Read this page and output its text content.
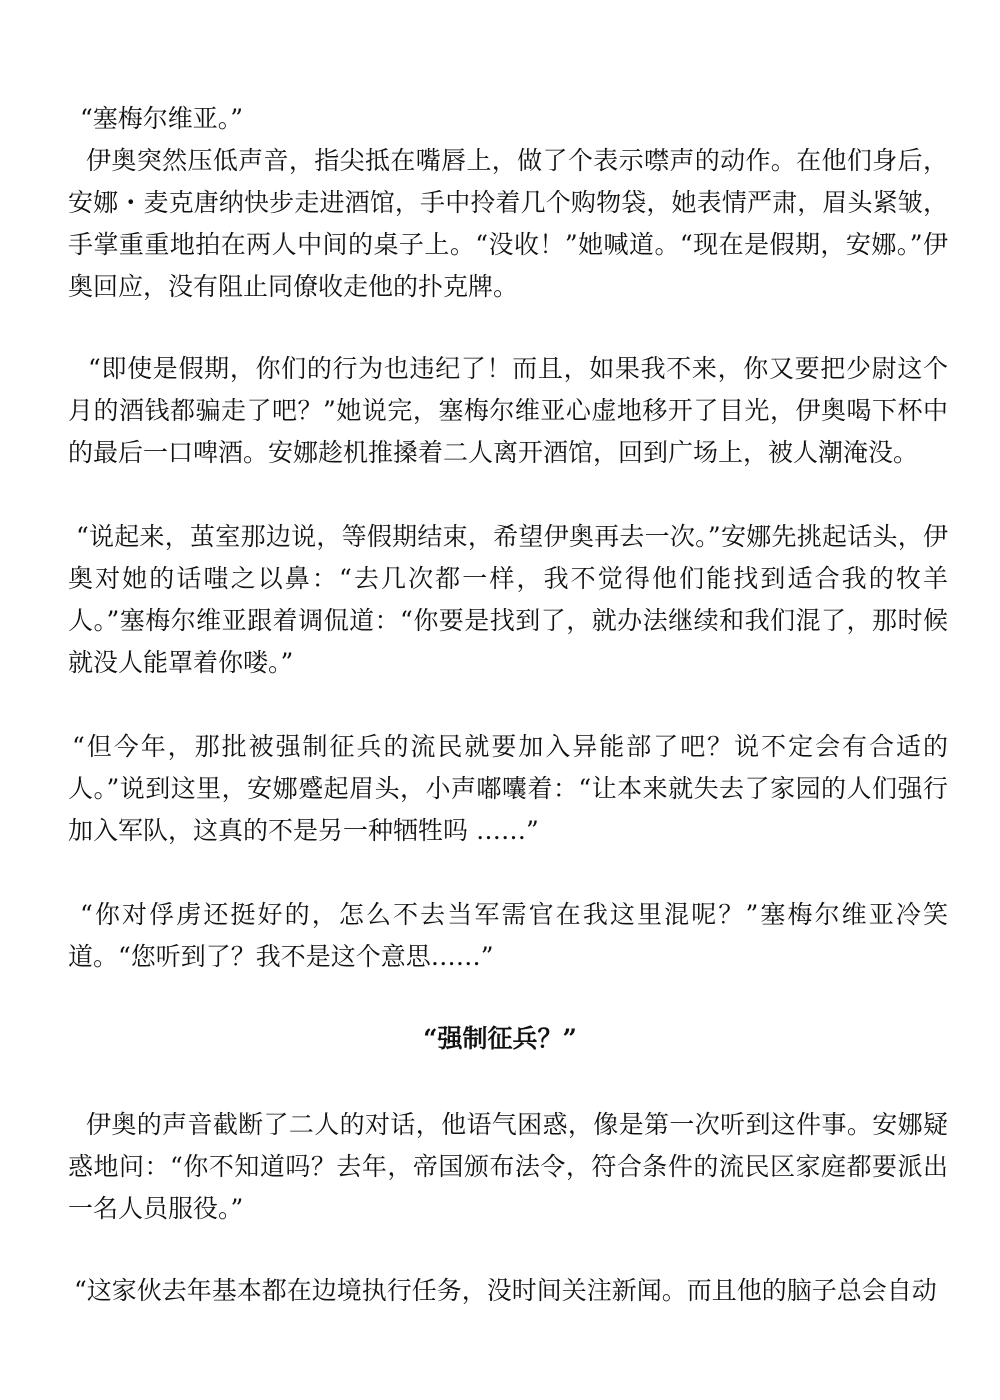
“塞梅尔维亚。”

伊奥突然压低声音，指尖抵在嘴唇上，做了个表示噤声的动作。在他们身后，安娜・麦克唐纳快步走进酒馆，手中拎着几个购物袋，她表情严肃，眉头紧皱，手掌重重地拍在两人中间的桌子上。“没收！”她喊道。“现在是假期，安娜。”伊奥回应，没有阻止同僚收走他的扑克牌。

“即使是假期，你们的行为也违纪了！而且，如果我不来，你又要把少尉这个月的酒钱都骗走了吧？”她说完，塞梅尔维亚心虚地移开了目光，伊奥喝下杯中的最后一口啤酒。安娜趁机推搡着二人离开酒馆，回到广场上，被人潮淹没。

“说起来，茧室那边说，等假期结束，希望伊奥再去一次。”安娜先挑起话头，伊奥对她的话嗤之以鼻：“去几次都一样，我不觉得他们能找到适合我的牧羊人。”塞梅尔维亚跟着调侃道：“你要是找到了，就办法继续和我们混了，那时候就没人能罩着你喽。”

“但今年，那批被强制征兵的流民就要加入异能部了吧？说不定会有合适的人。”说到这里，安娜蹙起眉头，小声嘟囔着：“让本来就失去了家园的人们强行加入军队，这真的不是另一种牺牲吗 ……”

“你对俘虏还挺好的，怎么不去当军需官在我这里混呢？”塞梅尔维亚冷笑道。“您听到了？我不是这个意思……”

“强制征兵？”

伊奥的声音截断了二人的对话，他语气困惑，像是第一次听到这件事。安娜疑惑地问：“你不知道吗？去年，帝国颁布法令，符合条件的流民区家庭都要派出一名人员服役。”

“这家伙去年基本都在边境执行任务，没时间关注新闻。而且他的脑子总会自动
